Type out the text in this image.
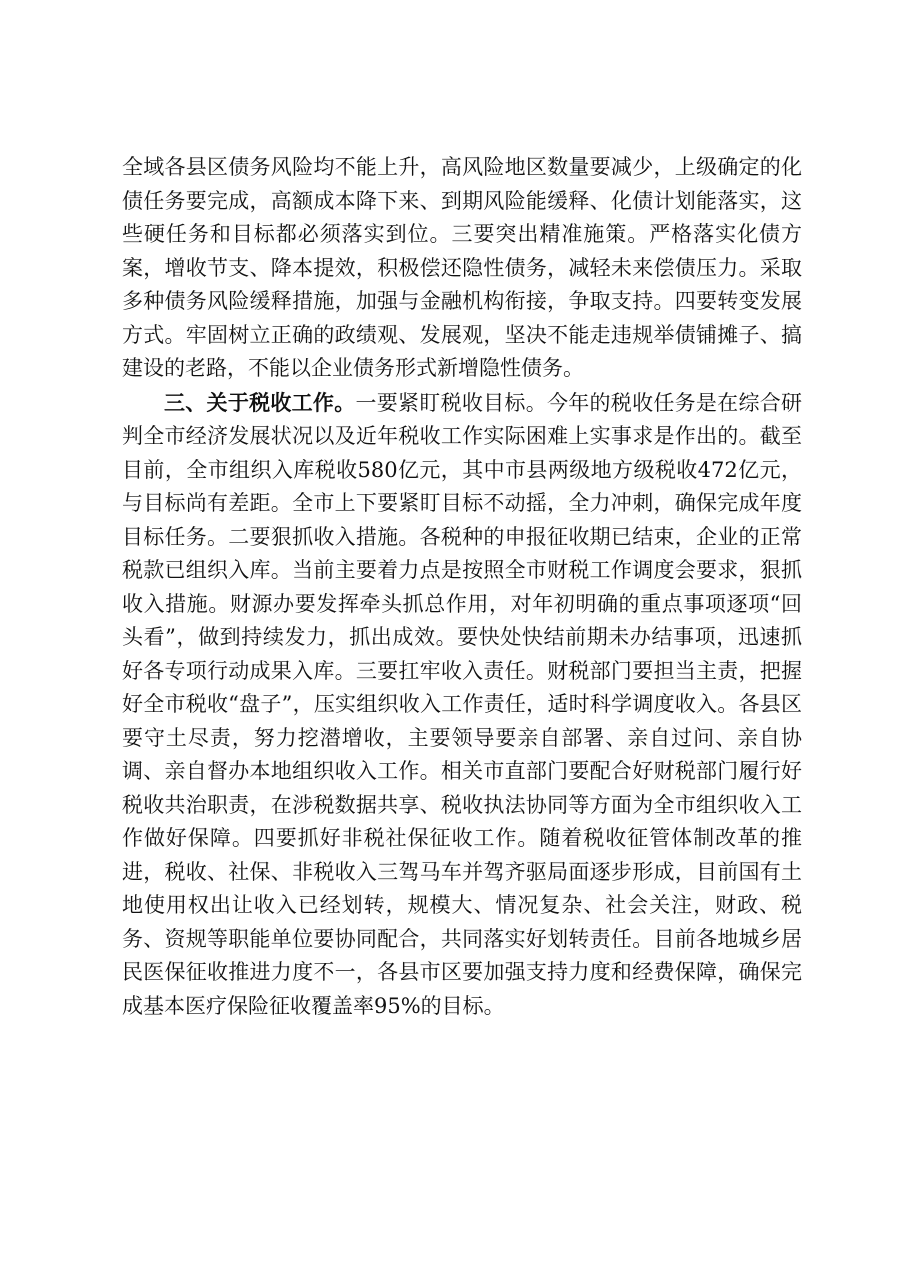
全域各县区债务风险均不能上升，高风险地区数量要减少，上级确定的化债任务要完成，高额成本降下来、到期风险能缓释、化债计划能落实，这些硬任务和目标都必须落实到位。三要突出精准施策。严格落实化债方案，增收节支、降本提效，积极偿还隐性债务，减轻未来偿债压力。采取多种债务风险缓释措施，加强与金融机构衔接，争取支持。四要转变发展方式。牢固树立正确的政绩观、发展观，坚决不能走违规举债铺摊子、搞建设的老路，不能以企业债务形式新增隐性债务。

三、关于税收工作。一要紧盯税收目标。今年的税收任务是在综合研判全市经济发展状况以及近年税收工作实际困难上实事求是作出的。截至目前，全市组织入库税收580亿元，其中市县两级地方级税收472亿元，与目标尚有差距。全市上下要紧盯目标不动摇，全力冲刺，确保完成年度目标任务。二要狠抓收入措施。各税种的申报征收期已结束，企业的正常税款已组织入库。当前主要着力点是按照全市财税工作调度会要求，狠抓收入措施。财源办要发挥牵头抓总作用，对年初明确的重点事项逐项“回头看”，做到持续发力，抓出成效。要快处快结前期未办结事项，迅速抓好各专项行动成果入库。三要扛牢收入责任。财税部门要担当主责，把握好全市税收“盘子”，压实组织收入工作责任，适时科学调度收入。各县区要守土尽责，努力挖潜增收，主要领导要亲自部署、亲自过问、亲自协调、亲自督办本地组织收入工作。相关市直部门要配合好财税部门履行好税收共治职责，在涉税数据共享、税收执法协同等方面为全市组织收入工作做好保障。四要抓好非税社保征收工作。随着税收征管体制改革的推进，税收、社保、非税收入三驾马车并驾齐驱局面逐步形成，目前国有土地使用权出让收入已经划转，规模大、情况复杂、社会关注，财政、税务、资规等职能单位要协同配合，共同落实好划转责任。目前各地城乡居民医保征收推进力度不一，各县市区要加强支持力度和经费保障，确保完成基本医疗保险征收覆盖率95%的目标。
